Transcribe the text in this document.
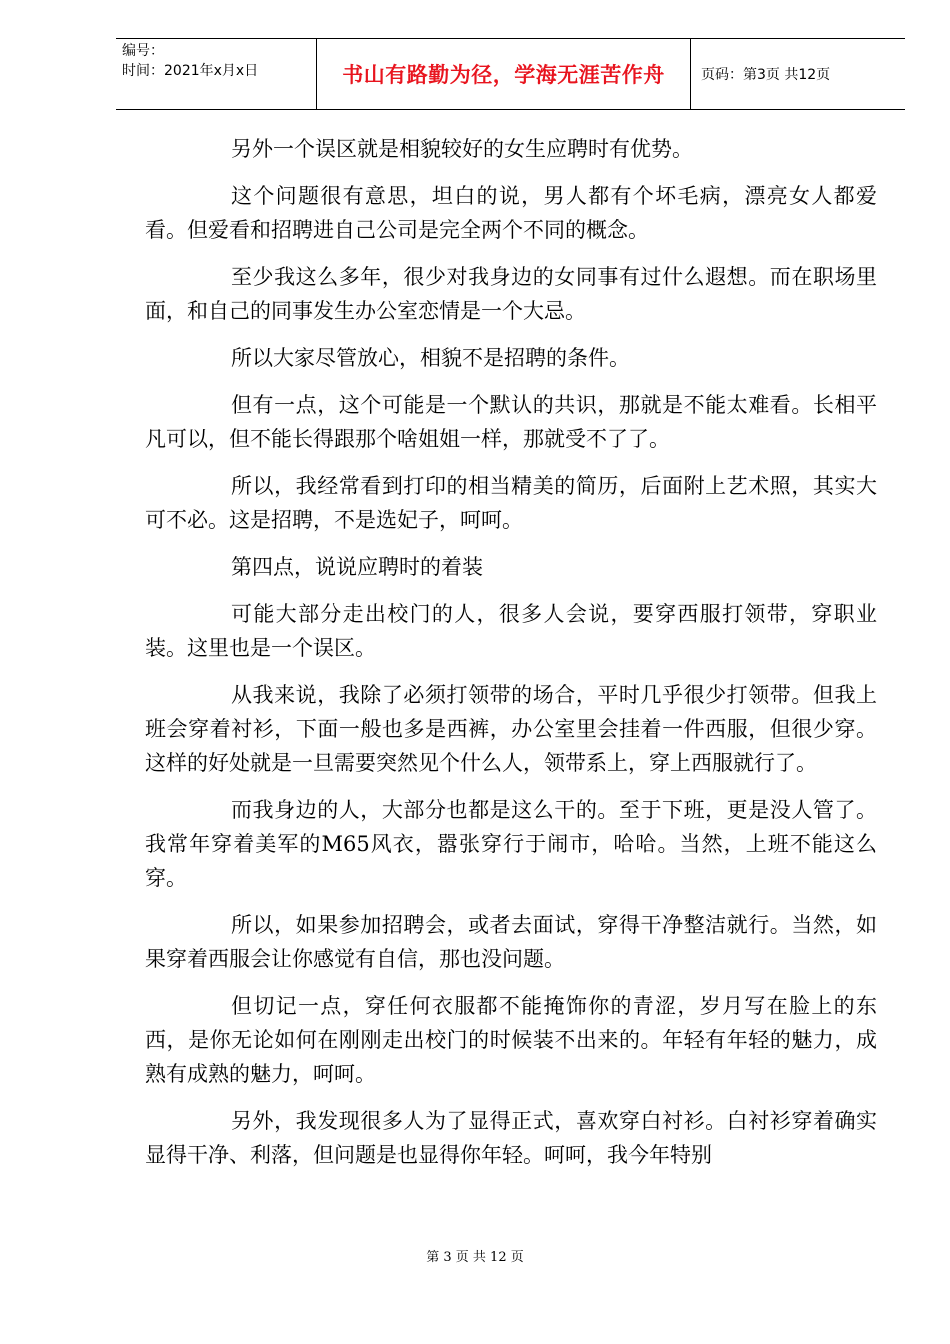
编号：
时间：2021年x月x日	书山有路勤为径，学海无涯苦作舟	页码：第3页 共12页

另外一个误区就是相貌较好的女生应聘时有优势。

这个问题很有意思，坦白的说，男人都有个坏毛病，漂亮女人都爱看。但爱看和招聘进自己公司是完全两个不同的概念。

至少我这么多年，很少对我身边的女同事有过什么遐想。而在职场里面，和自己的同事发生办公室恋情是一个大忌。

所以大家尽管放心，相貌不是招聘的条件。

但有一点，这个可能是一个默认的共识，那就是不能太难看。长相平凡可以，但不能长得跟那个啥姐姐一样，那就受不了了。

所以，我经常看到打印的相当精美的简历，后面附上艺术照，其实大可不必。这是招聘，不是选妃子，呵呵。

第四点，说说应聘时的着装

可能大部分走出校门的人，很多人会说，要穿西服打领带，穿职业装。这里也是一个误区。

从我来说，我除了必须打领带的场合，平时几乎很少打领带。但我上班会穿着衬衫，下面一般也多是西裤，办公室里会挂着一件西服，但很少穿。这样的好处就是一旦需要突然见个什么人，领带系上，穿上西服就行了。

而我身边的人，大部分也都是这么干的。至于下班，更是没人管了。我常年穿着美军的M65风衣，嚣张穿行于闹市，哈哈。当然，上班不能这么穿。

所以，如果参加招聘会，或者去面试，穿得干净整洁就行。当然，如果穿着西服会让你感觉有自信，那也没问题。

但切记一点，穿任何衣服都不能掩饰你的青涩，岁月写在脸上的东西，是你无论如何在刚刚走出校门的时候装不出来的。年轻有年轻的魅力，成熟有成熟的魅力，呵呵。

另外，我发现很多人为了显得正式，喜欢穿白衬衫。白衬衫穿着确实显得干净、利落，但问题是也显得你年轻。呵呵，我今年特别

第 3 页 共 12 页
